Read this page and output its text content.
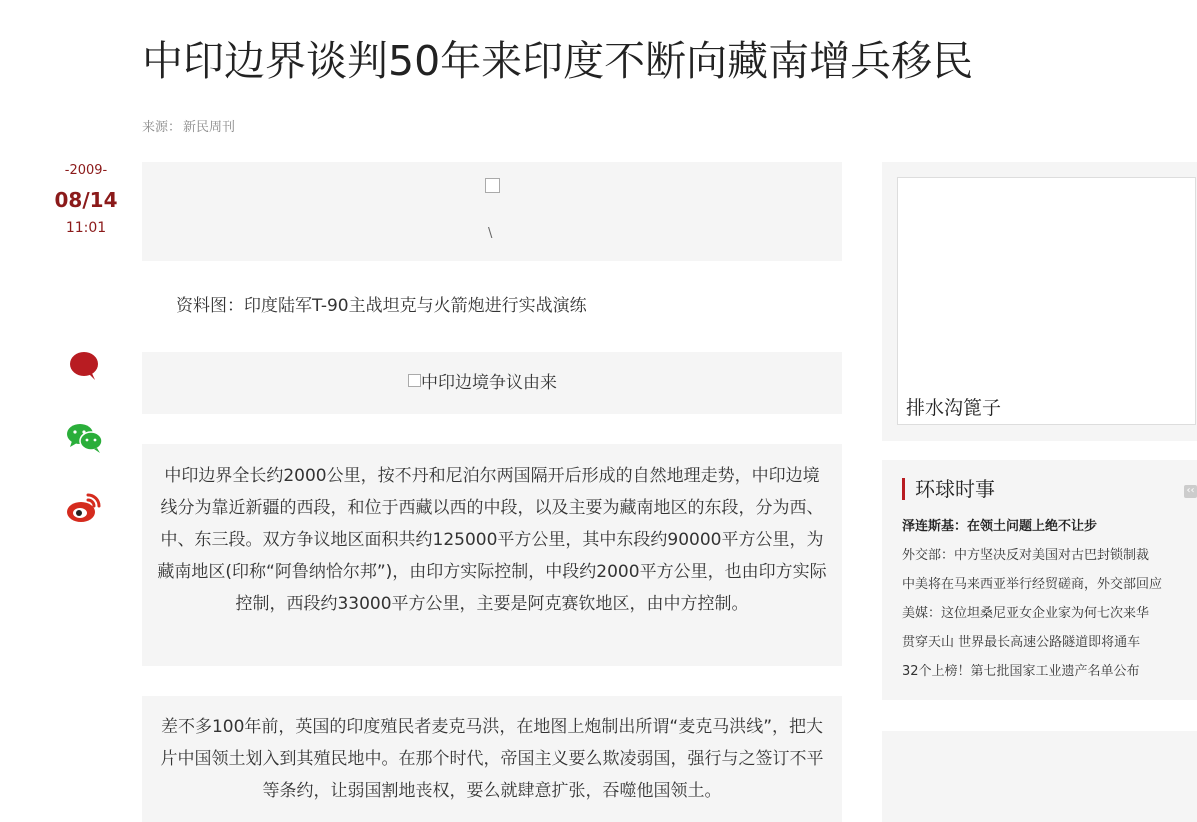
中印边界谈判50年来印度不断向藏南增兵移民
来源： 新民周刊
-2009-
08/14
11:01	\
资料图：印度陆军T-90主战坦克与火箭炮进行实战演练
中印边境争议由来
中印边界全长约2000公里，按不丹和尼泊尔两国隔开后形成的自然地理走势，中印边境线分为靠近新疆的西段，和位于西藏以西的中段，以及主要为藏南地区的东段，分为西、中、东三段。双方争议地区面积共约125000平方公里，其中东段约90000平方公里，为藏南地区(印称“阿鲁纳恰尔邦”)，由印方实际控制，中段约2000平方公里，也由印方实际控制，西段约33000平方公里，主要是阿克赛钦地区，由中方控制。
差不多100年前，英国的印度殖民者麦克马洪，在地图上炮制出所谓“麦克马洪线”，把大片中国领土划入到其殖民地中。在那个时代，帝国主义要么欺凌弱国，强行与之签订不平等条约，让弱国割地丧权，要么就肆意扩张，吞噬他国领土。
排水沟篦子
环球时事	‹‹
泽连斯基：在领土问题上绝不让步
外交部：中方坚决反对美国对古巴封锁制裁
中美将在马来西亚举行经贸磋商，外交部回应
美媒：这位坦桑尼亚女企业家为何七次来华
贯穿天山 世界最长高速公路隧道即将通车
32个上榜！第七批国家工业遗产名单公布
